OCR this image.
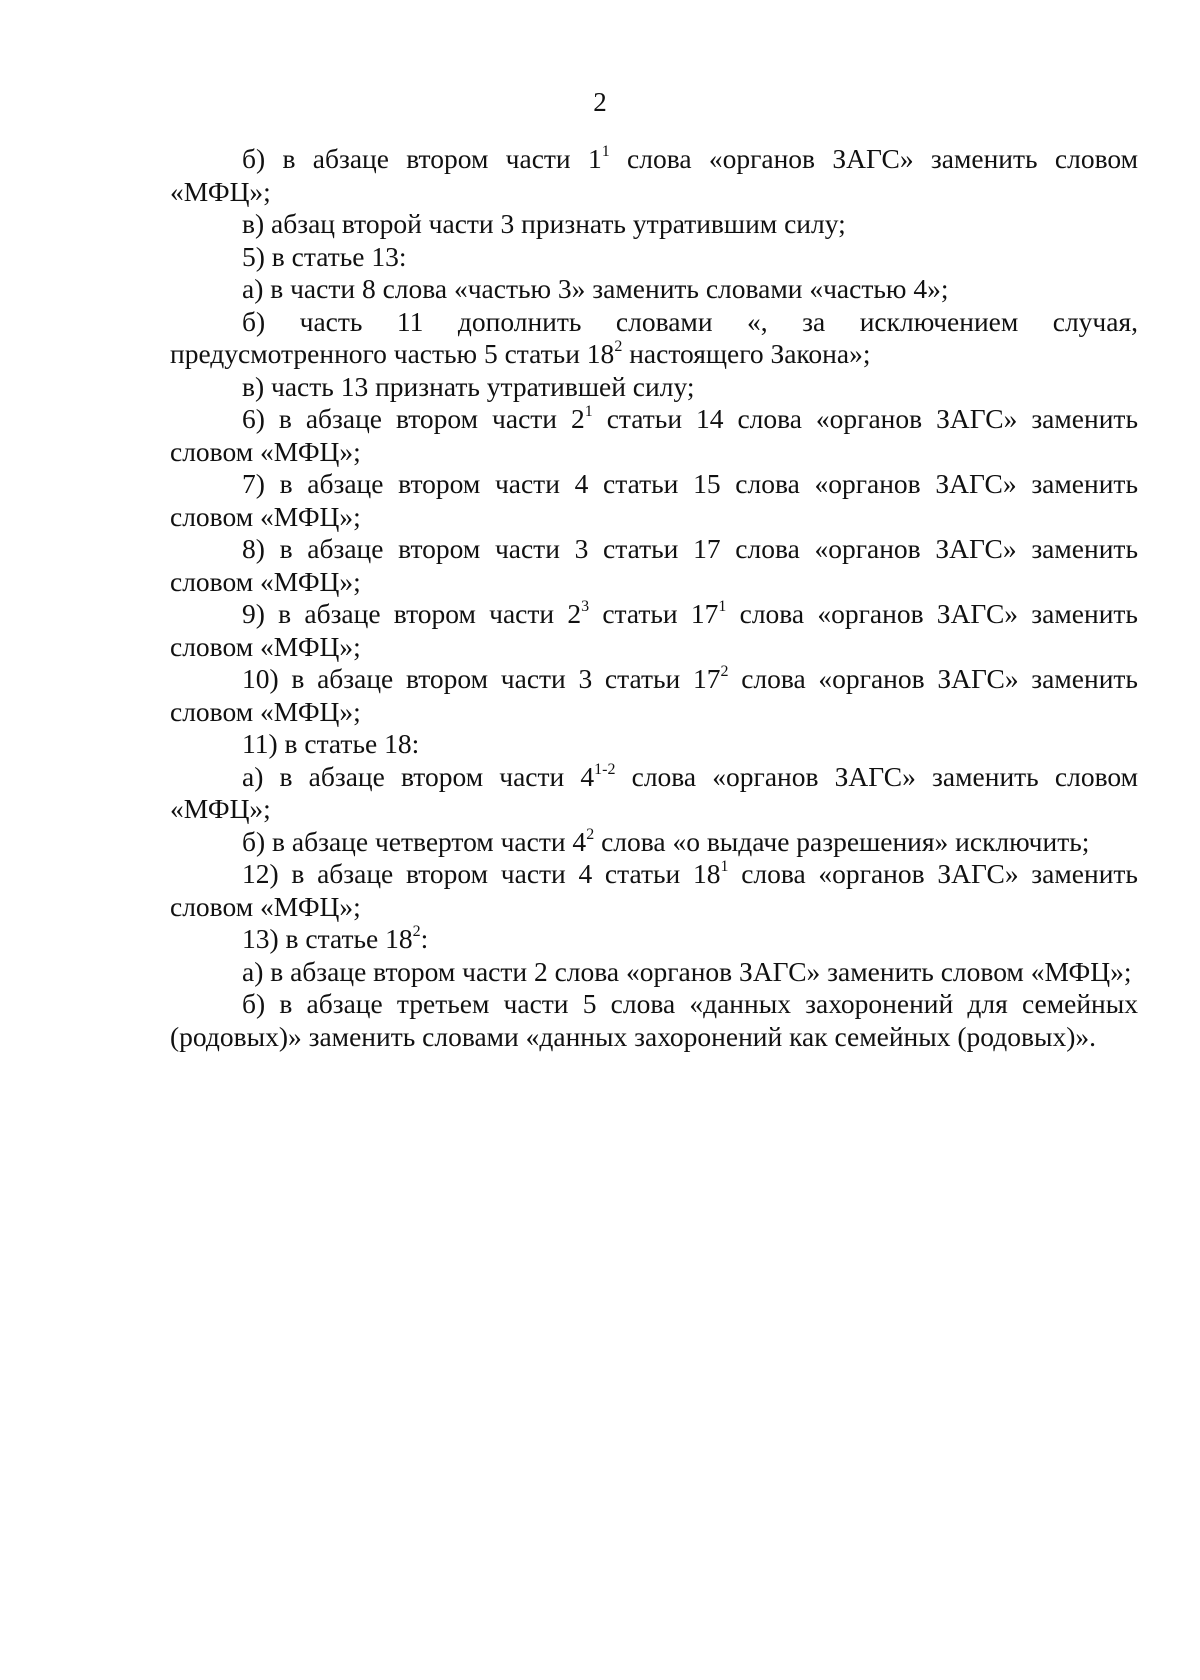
2

б) в абзаце втором части $1^1$ слова «органов ЗАГС» заменить словом «МФЦ»;

в) абзац второй части 3 признать утратившим силу;

5) в статье 13:

а) в части 8 слова «частью 3» заменить словами «частью 4»;

б) часть 11 дополнить словами «, за исключением случая, предусмотренного частью 5 статьи $18^2$ настоящего Закона»;

в) часть 13 признать утратившей силу;

6) в абзаце втором части $2^1$ статьи 14 слова «органов ЗАГС» заменить словом «МФЦ»;

7) в абзаце втором части 4 статьи 15 слова «органов ЗАГС» заменить словом «МФЦ»;

8) в абзаце втором части 3 статьи 17 слова «органов ЗАГС» заменить словом «МФЦ»;

9) в абзаце втором части $2^3$ статьи $17^1$ слова «органов ЗАГС» заменить словом «МФЦ»;

10) в абзаце втором части 3 статьи $17^2$ слова «органов ЗАГС» заменить словом «МФЦ»;

11) в статье 18:

а) в абзаце втором части 4$^{1-2}$ слова «органов ЗАГС» заменить словом «МФЦ»;

б) в абзаце четвертом части $4^2$ слова «о выдаче разрешения» исключить;

12) в абзаце втором части 4 статьи $18^1$ слова «органов ЗАГС» заменить словом «МФЦ»;

13) в статье $18^2$:

а) в абзаце втором части 2 слова «органов ЗАГС» заменить словом «МФЦ»;

б) в абзаце третьем части 5 слова «данных захоронений для семейных (родовых)» заменить словами «данных захоронений как семейных (родовых)».
